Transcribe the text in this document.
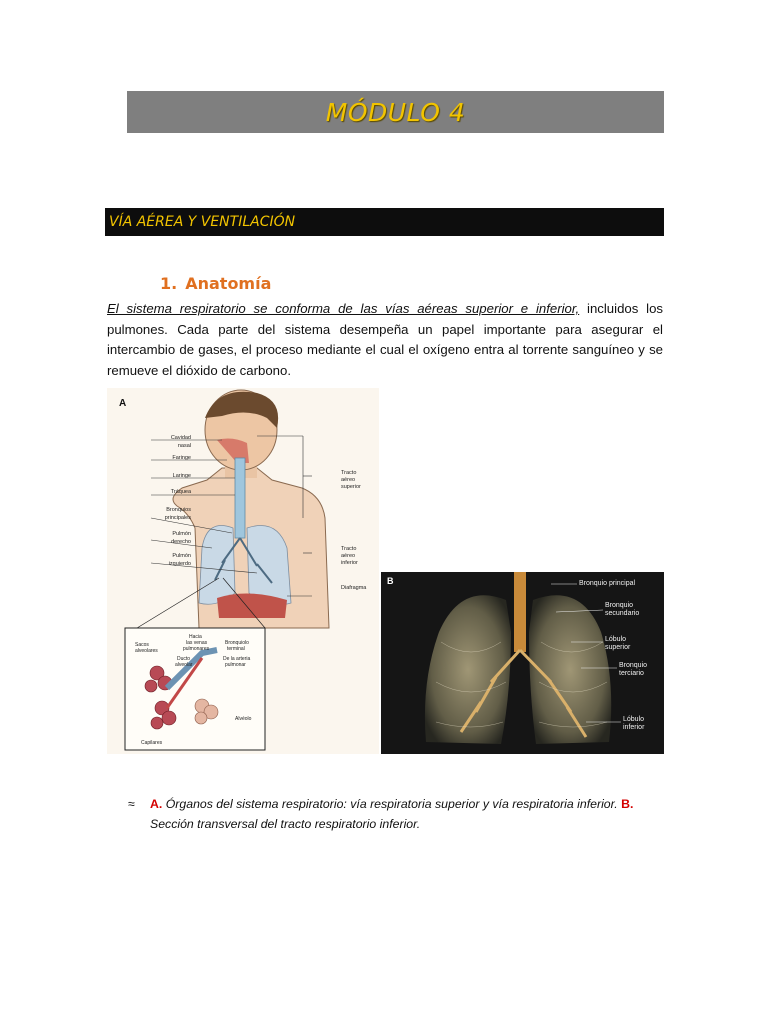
MÓDULO 4
VÍA AÉREA Y VENTILACIÓN
1. Anatomía
El sistema respiratorio se conforma de las vías aéreas superior e inferior, incluidos los pulmones. Cada parte del sistema desempeña un papel importante para asegurar el intercambio de gases, el proceso mediante el cual el oxígeno entra al torrente sanguíneo y se remueve el dióxido de carbono.
A
Cavidad
nasal
Faringe
Laringe
Tráquea
Bronquios
principales
Pulmón
derecho
Pulmón
izquierdo
Tracto
aéreo
superior
Tracto
aéreo
inferior
Diafragma
Sacos
alveolares
Hacia
las venas
pulmonares
Ducto
alveolar
Bronquiolo
terminal
De la arteria
pulmonar
Alvéolo
Capilares
B	Bronquio principal
Bronquio
secundario
Lóbulo
superior
Bronquio
terciario
Lóbulo
inferior
≈ A. Órganos del sistema respiratorio: vía respiratoria superior y vía respiratoria inferior. B. Sección transversal del tracto respiratorio inferior.
